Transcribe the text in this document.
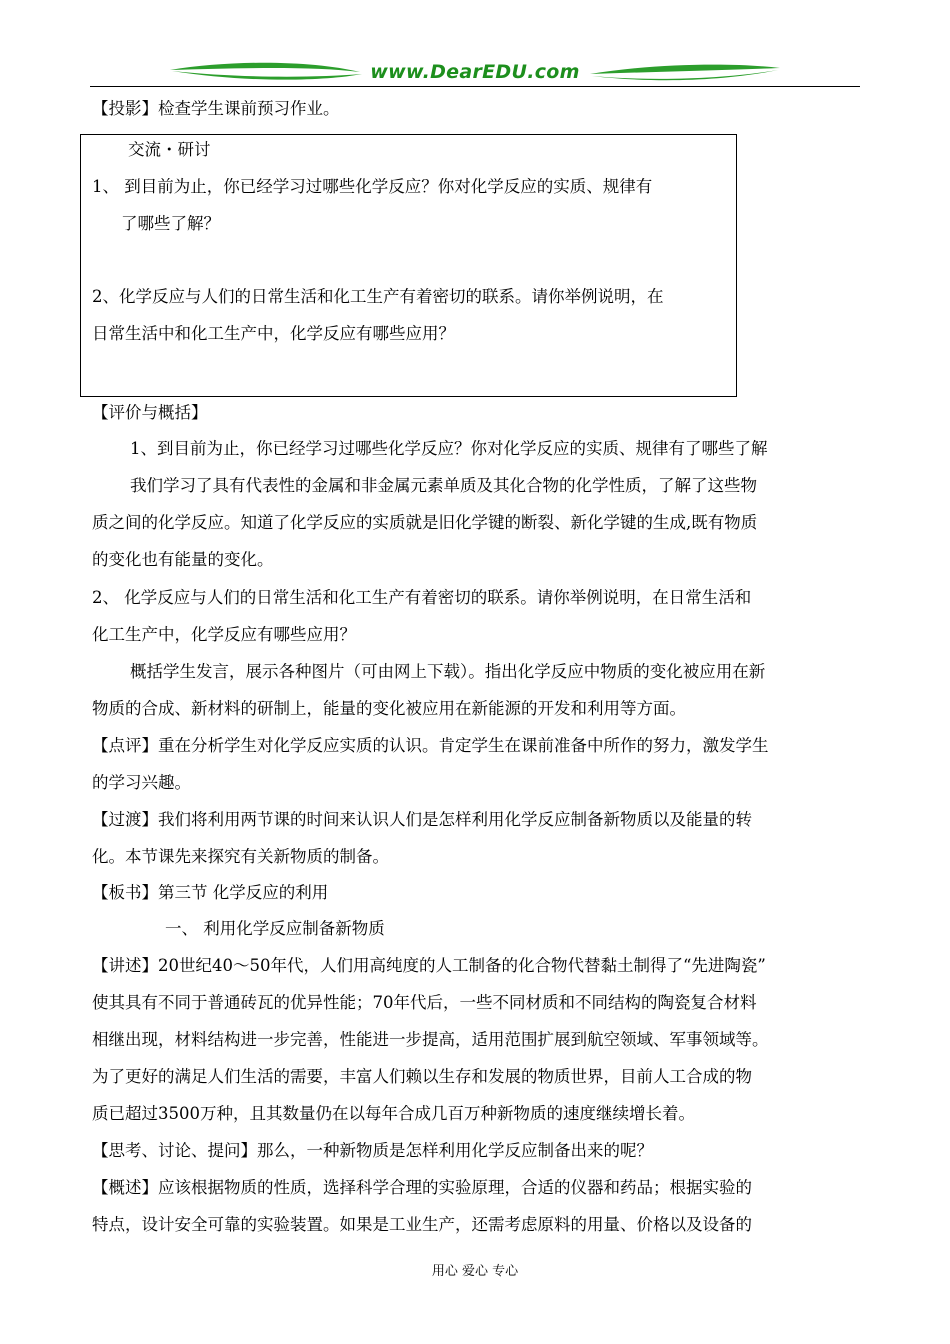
www.DearEDU.com
【投影】检查学生课前预习作业。
交流・研讨
1、 到目前为止，你已经学习过哪些化学反应？你对化学反应的实质、规律有
了哪些了解？
2、化学反应与人们的日常生活和化工生产有着密切的联系。请你举例说明，在
日常生活中和化工生产中，化学反应有哪些应用？
【评价与概括】
1、到目前为止，你已经学习过哪些化学反应？你对化学反应的实质、规律有了哪些了解
我们学习了具有代表性的金属和非金属元素单质及其化合物的化学性质，了解了这些物
质之间的化学反应。知道了化学反应的实质就是旧化学键的断裂、新化学键的生成,既有物质
的变化也有能量的变化。
2、 化学反应与人们的日常生活和化工生产有着密切的联系。请你举例说明，在日常生活和
化工生产中，化学反应有哪些应用？
概括学生发言，展示各种图片（可由网上下载）。指出化学反应中物质的变化被应用在新
物质的合成、新材料的研制上，能量的变化被应用在新能源的开发和利用等方面。
【点评】重在分析学生对化学反应实质的认识。肯定学生在课前准备中所作的努力，激发学生
的学习兴趣。
【过渡】我们将利用两节课的时间来认识人们是怎样利用化学反应制备新物质以及能量的转
化。本节课先来探究有关新物质的制备。
【板书】第三节 化学反应的利用
一、 利用化学反应制备新物质
【讲述】20世纪40～50年代，人们用高纯度的人工制备的化合物代替黏土制得了“先进陶瓷”
使其具有不同于普通砖瓦的优异性能；70年代后，一些不同材质和不同结构的陶瓷复合材料
相继出现，材料结构进一步完善，性能进一步提高，适用范围扩展到航空领域、军事领域等。
为了更好的满足人们生活的需要，丰富人们赖以生存和发展的物质世界，目前人工合成的物
质已超过3500万种，且其数量仍在以每年合成几百万种新物质的速度继续增长着。
【思考、讨论、提问】那么，一种新物质是怎样利用化学反应制备出来的呢？
【概述】应该根据物质的性质，选择科学合理的实验原理，合适的仪器和药品；根据实验的
特点，设计安全可靠的实验装置。如果是工业生产，还需考虑原料的用量、价格以及设备的
用心 爱心 专心
